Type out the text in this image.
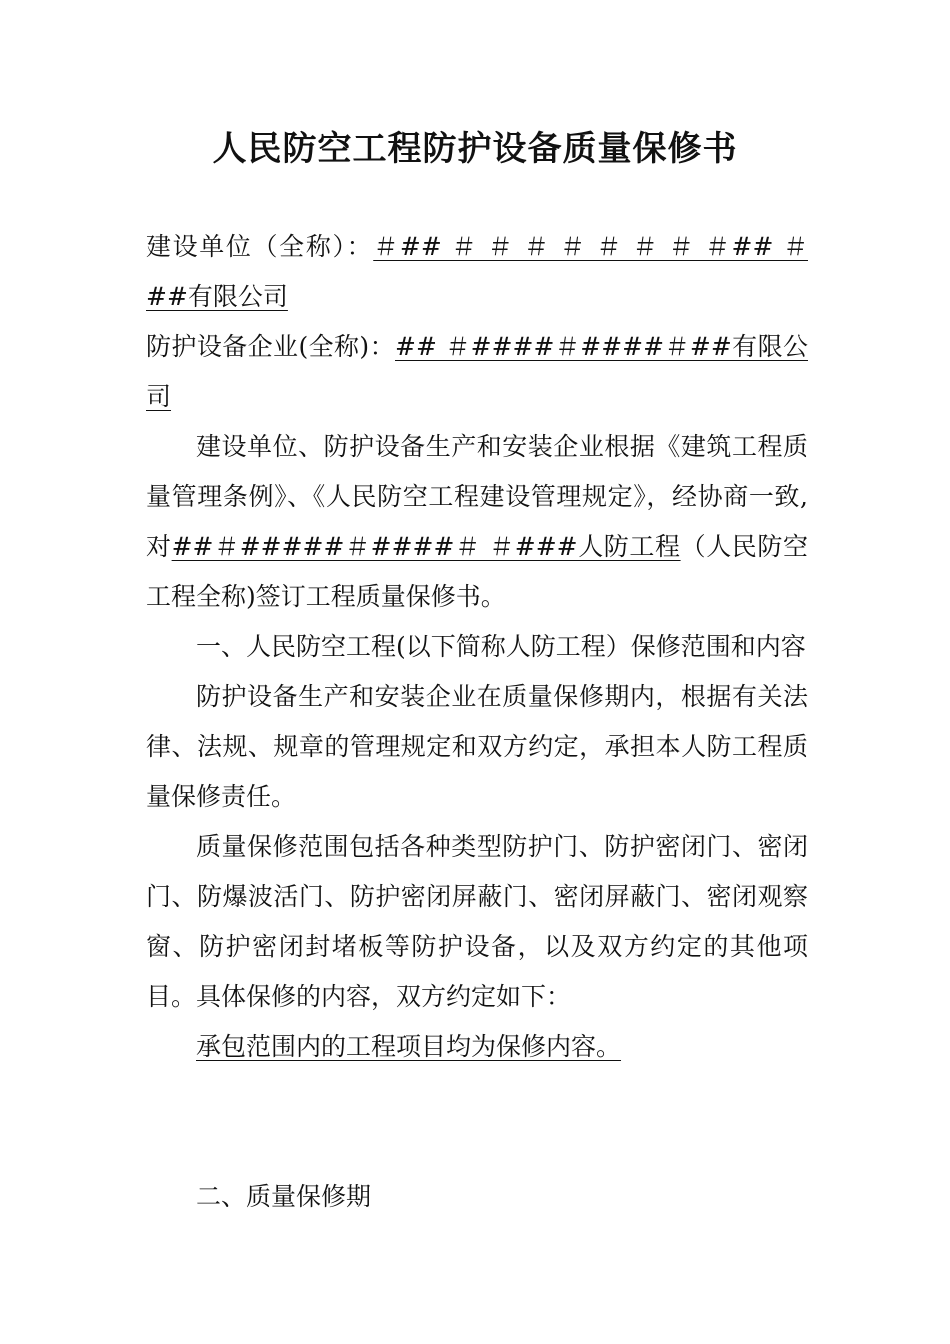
人民防空工程防护设备质量保修书

建设单位（全称）：＃## ＃ ＃ ＃ ＃ ＃ ＃ ＃ ＃## ＃ ##有限公司

防护设备企业(全称)：## ＃####＃####＃##有限公司

建设单位、防护设备生产和安装企业根据《建筑工程质量管理条例》、《人民防空工程建设管理规定》，经协商一致,对##＃#####＃####＃ ＃###人防工程（人民防空工程全称)签订工程质量保修书。

一、人民防空工程(以下简称人防工程）保修范围和内容

防护设备生产和安装企业在质量保修期内，根据有关法律、法规、规章的管理规定和双方约定，承担本人防工程质量保修责任。

质量保修范围包括各种类型防护门、防护密闭门、密闭门、防爆波活门、防护密闭屏蔽门、密闭屏蔽门、密闭观察窗、防护密闭封堵板等防护设备，以及双方约定的其他项目。具体保修的内容，双方约定如下：

承包范围内的工程项目均为保修内容。

二、质量保修期
